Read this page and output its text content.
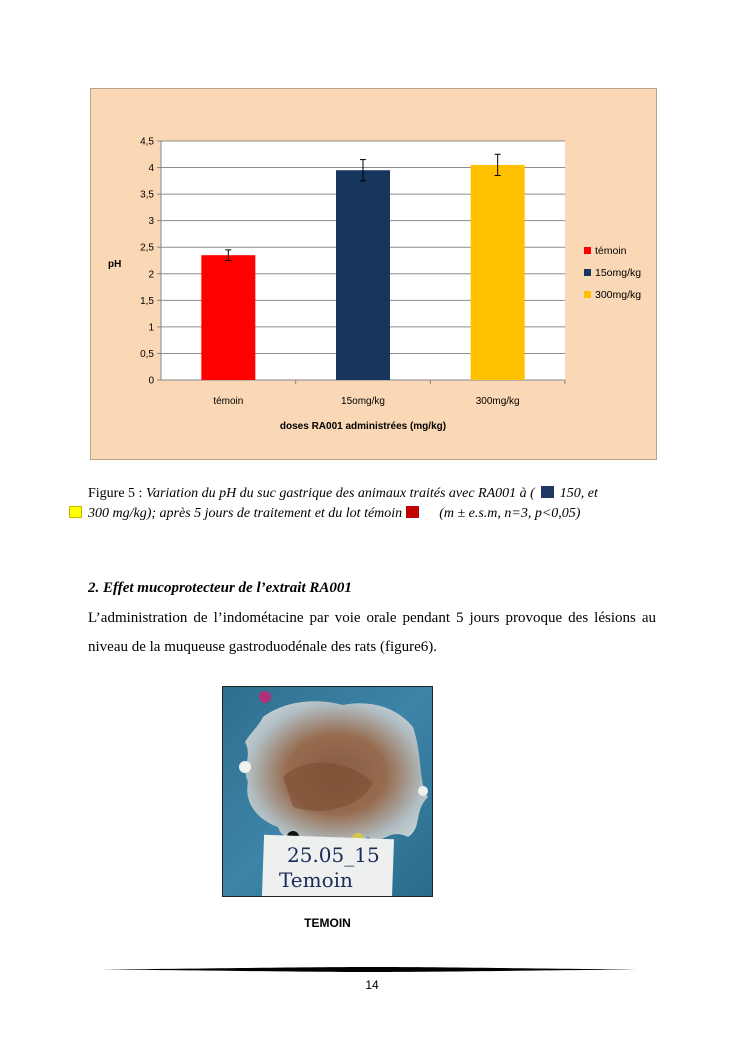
0
0,5
1
1,5
2
2,5
3
3,5
4
4,5
témoin	15omg/kg	300mg/kg
pH
doses RA001 administrées (mg/kg)
témoin
15omg/kg
300mg/kg
Figure 5 : Variation du pH du suc gastrique des animaux traités avec RA001 à ( 150, et

300 mg/kg); après 5 jours de traitement et du lot témoin	(m ± e.s.m, n=3, p<0,05)
2. Effet mucoprotecteur de l’extrait RA001
L’administration de l’indométacine par voie orale pendant 5 jours provoque des lésions au niveau de la muqueuse gastroduodénale des rats (figure6).
25.05_15
Temoin
TEMOIN
14
